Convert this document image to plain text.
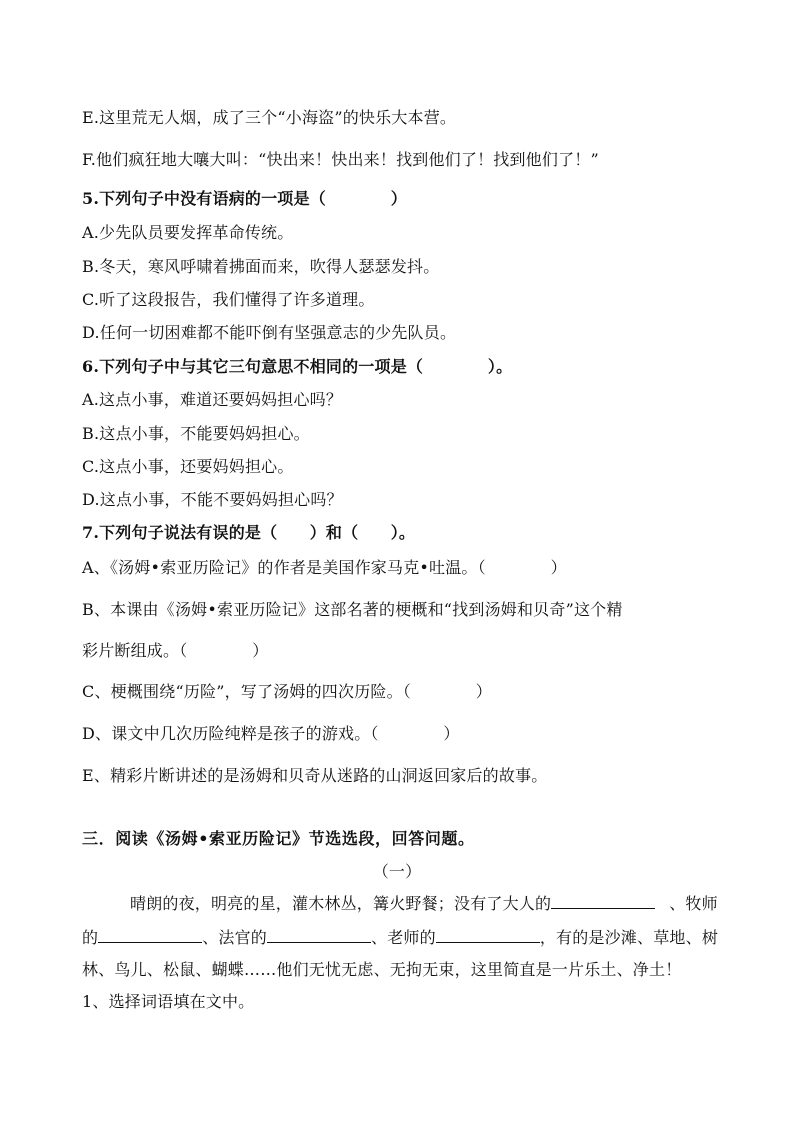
E.这里荒无人烟，成了三个“小海盗”的快乐大本营。
F.他们疯狂地大嚷大叫：“快出来！快出来！找到他们了！找到他们了！”
5.下列句子中没有语病的一项是（　　　　）
A.少先队员要发挥革命传统。
B.冬天，寒风呼啸着拂面而来，吹得人瑟瑟发抖。
C.听了这段报告，我们懂得了许多道理。
D.任何一切困难都不能吓倒有坚强意志的少先队员。
6.下列句子中与其它三句意思不相同的一项是（　　　　）。
A.这点小事，难道还要妈妈担心吗？
B.这点小事，不能要妈妈担心。
C.这点小事，还要妈妈担心。
D.这点小事，不能不要妈妈担心吗？
7.下列句子说法有误的是（　　）和（　　）。
A、《汤姆•索亚历险记》的作者是美国作家马克•吐温。（　　　　）
B、本课由《汤姆•索亚历险记》这部名著的梗概和“找到汤姆和贝奇”这个精
彩片断组成。（　　　　）
C、梗概围绕“历险”，写了汤姆的四次历险。（　　　　）
D、课文中几次历险纯粹是孩子的游戏。（　　　　）
E、精彩片断讲述的是汤姆和贝奇从迷路的山洞返回家后的故事。
三．阅读《汤姆•索亚历险记》节选选段，回答问题。
（一）
晴朗的夜，明亮的星，灌木林丛，篝火野餐；没有了大人的	、牧师
的	、法官的	、老师的	，有的是沙滩、草地、树
林、鸟儿、松鼠、蝴蝶……他们无忧无虑、无拘无束，这里简直是一片乐土、净土！
1、选择词语填在文中。
